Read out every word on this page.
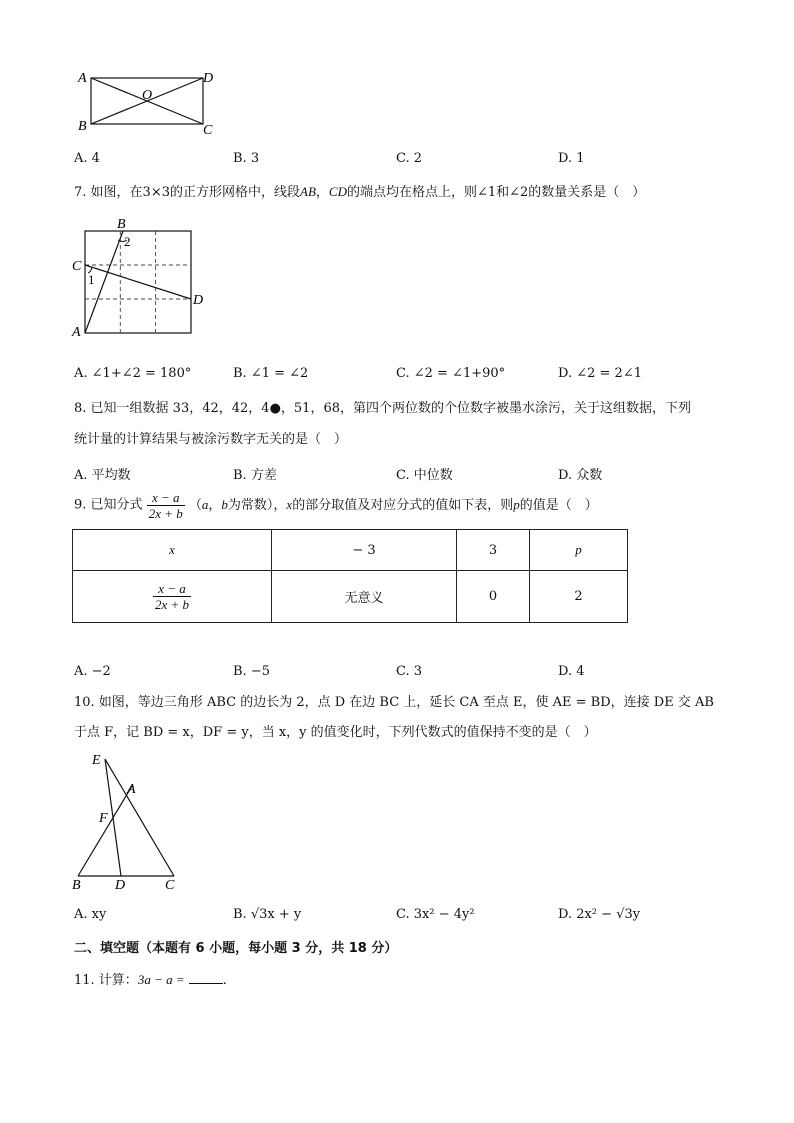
A
B	C
D
O
A. 4	B. 3	C. 2	D. 1
7. 如图，在3×3的正方形网格中，线段AB，CD的端点均在格点上，则∠1和∠2的数量关系是（　）
B
2
C
1
D
A
A. ∠1+∠2 = 180°	B. ∠1 = ∠2	C. ∠2 = ∠1+90°	D. ∠2 = 2∠1
8. 已知一组数据 33，42，42，4●，51，68，第四个两位数的个位数字被墨水涂污，关于这组数据，下列
统计量的计算结果与被涂污数字无关的是（　）
A. 平均数	B. 方差	C. 中位数	D. 众数
9. 已知分式 $\frac{x - a}{2x + b} (a$，b为常数），x的部分取值及对应分式的值如下表，则p的值是（　）
x	− 3	3	p

$\frac{x - a}{2x + b}$	无意义	0	2
A. −2	B. −5	C. 3	D. 4
10. 如图，等边三角形 ABC 的边长为 2，点 D 在边 BC 上，延长 CA 至点 E，使 AE = BD，连接 DE 交 AB
于点 F，记 BD = x，DF = y，当 x，y 的值变化时，下列代数式的值保持不变的是（　）
E
A
F
B D	C
A. xy	B. √3x + y	C. 3x² − 4y²	D. 2x² − √3y
二、填空题（本题有 6 小题，每小题 3 分，共 18 分）
11. 计算：3a − a =	.
